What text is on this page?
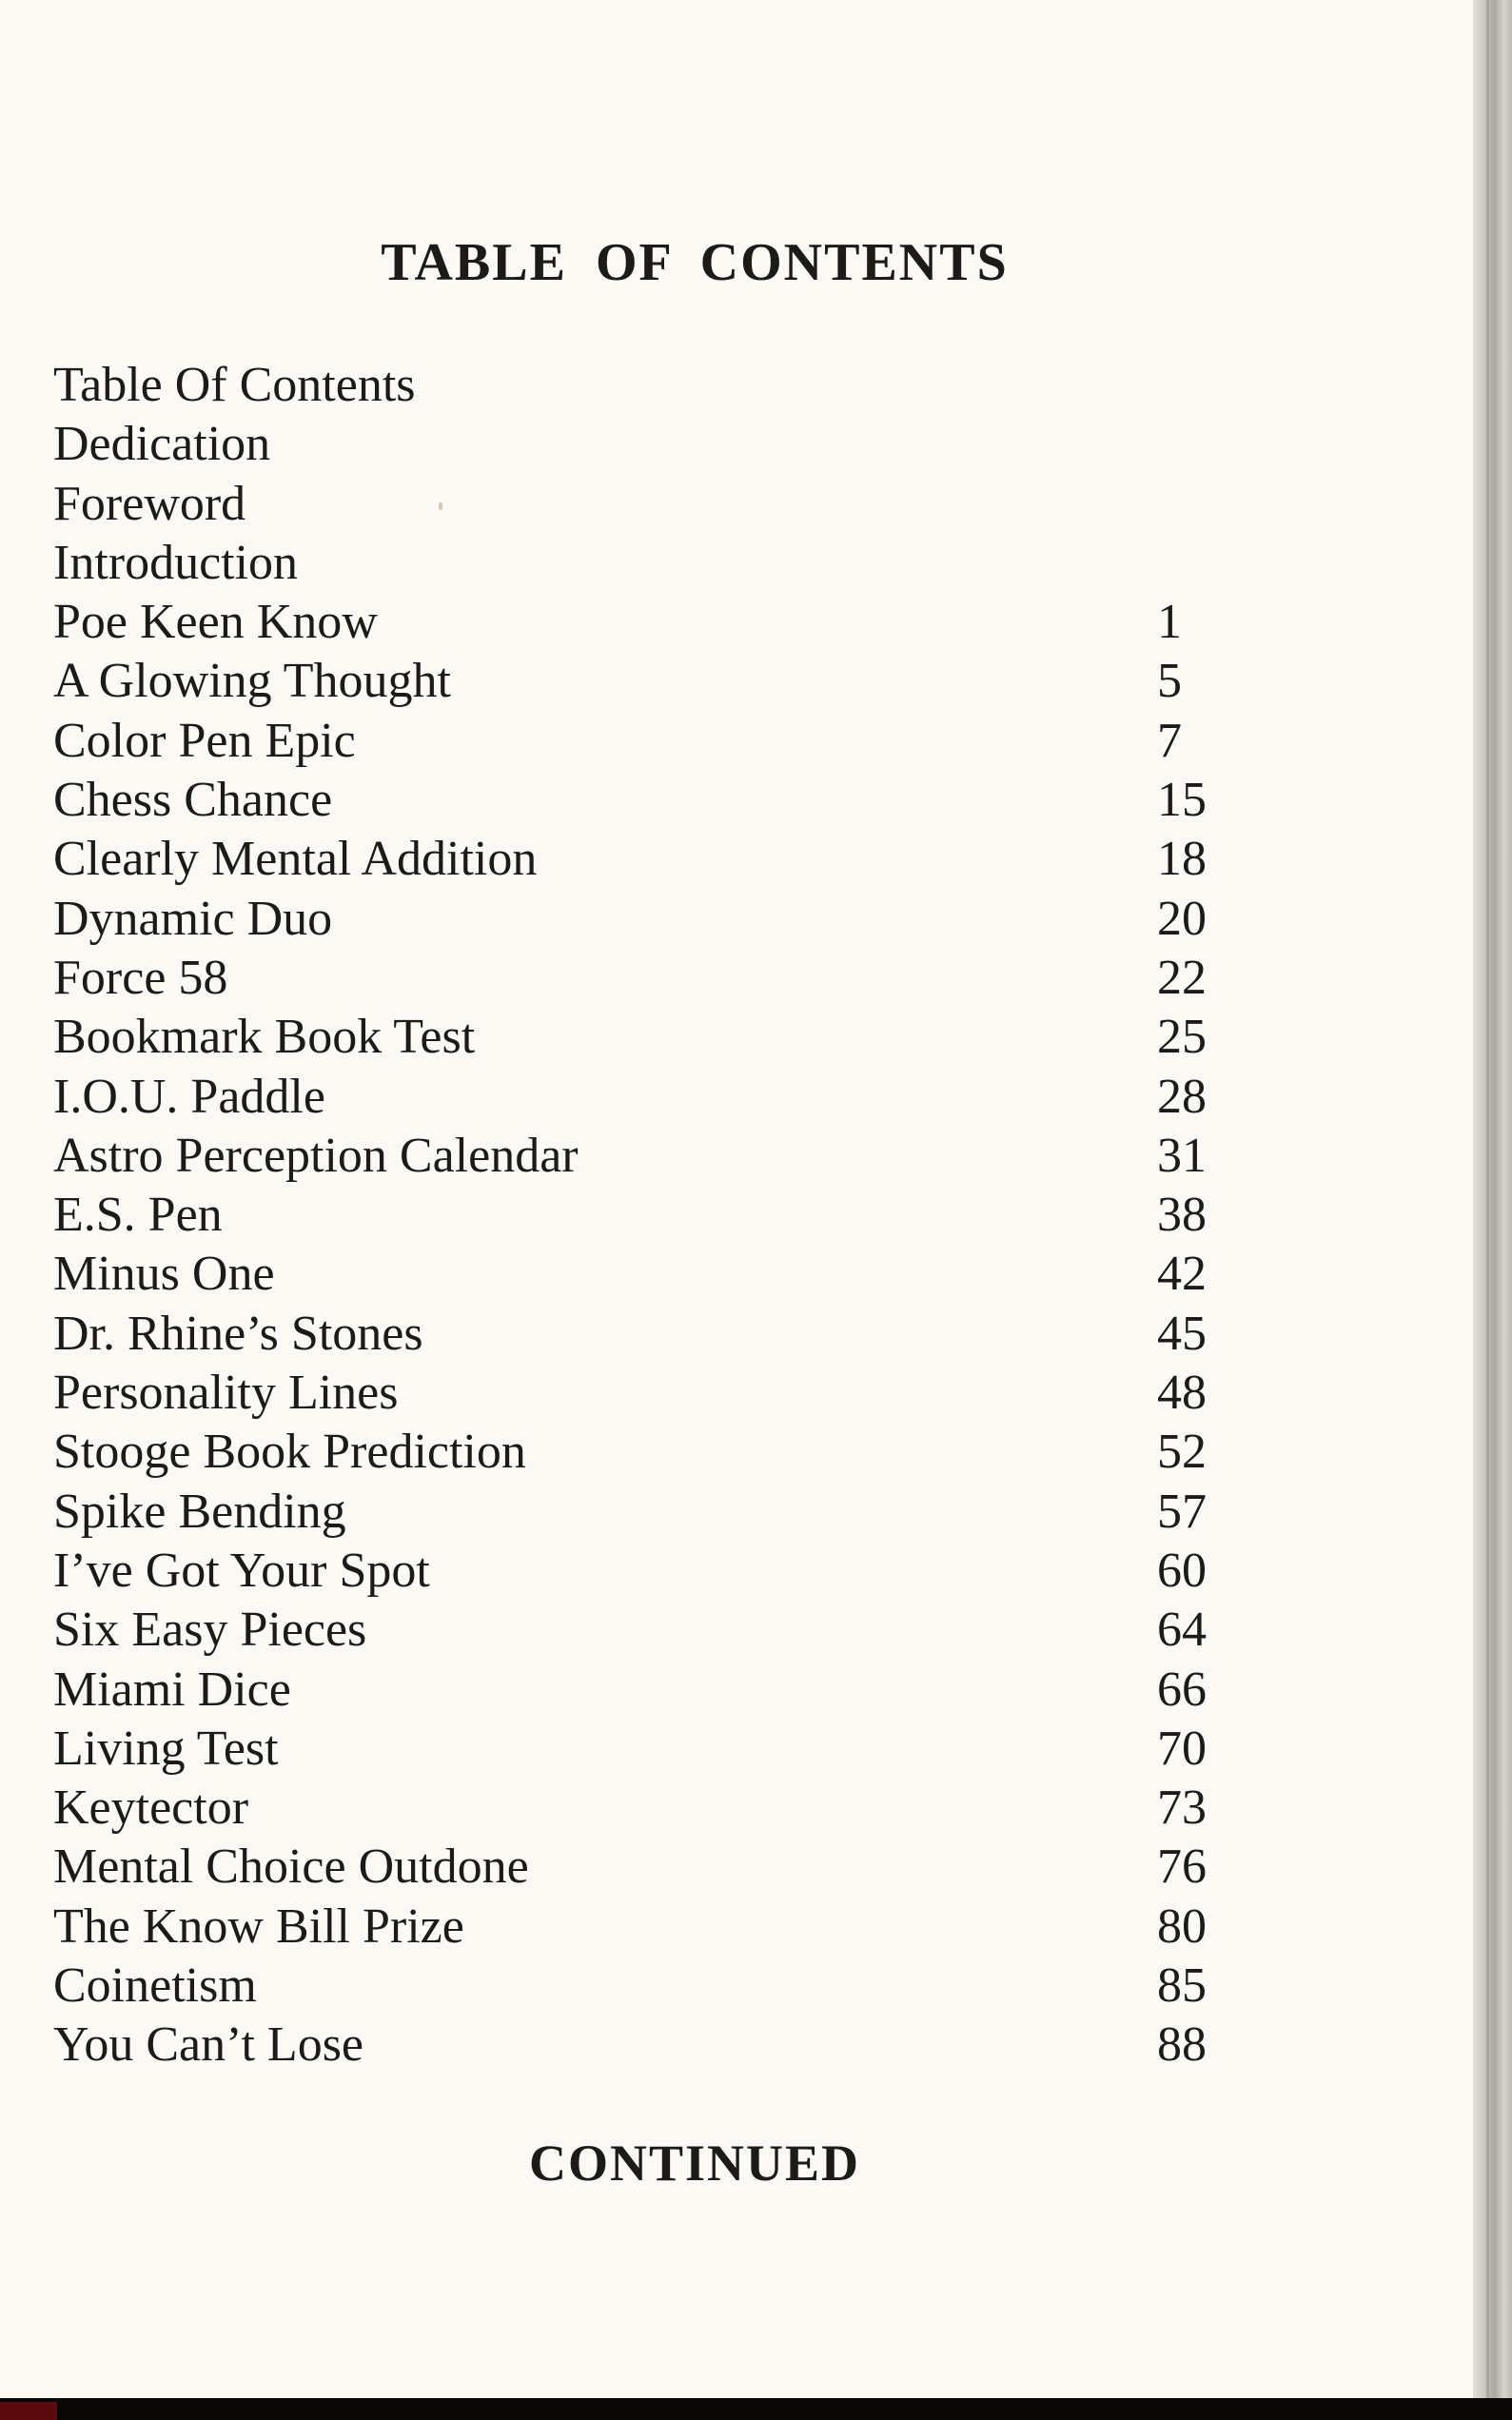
TABLE OF CONTENTS
Table Of Contents
Dedication
Foreword
Introduction
Poe Keen Know	1
A Glowing Thought	5
Color Pen Epic	7
Chess Chance	15
Clearly Mental Addition	18
Dynamic Duo	20
Force 58	22
Bookmark Book Test	25
I.O.U. Paddle	28
Astro Perception Calendar	31
E.S. Pen	38
Minus One	42
Dr. Rhine’s Stones	45
Personality Lines	48
Stooge Book Prediction	52
Spike Bending	57
I’ve Got Your Spot	60
Six Easy Pieces	64
Miami Dice	66
Living Test	70
Keytector	73
Mental Choice Outdone	76
The Know Bill Prize	80
Coinetism	85
You Can’t Lose	88

CONTINUED
